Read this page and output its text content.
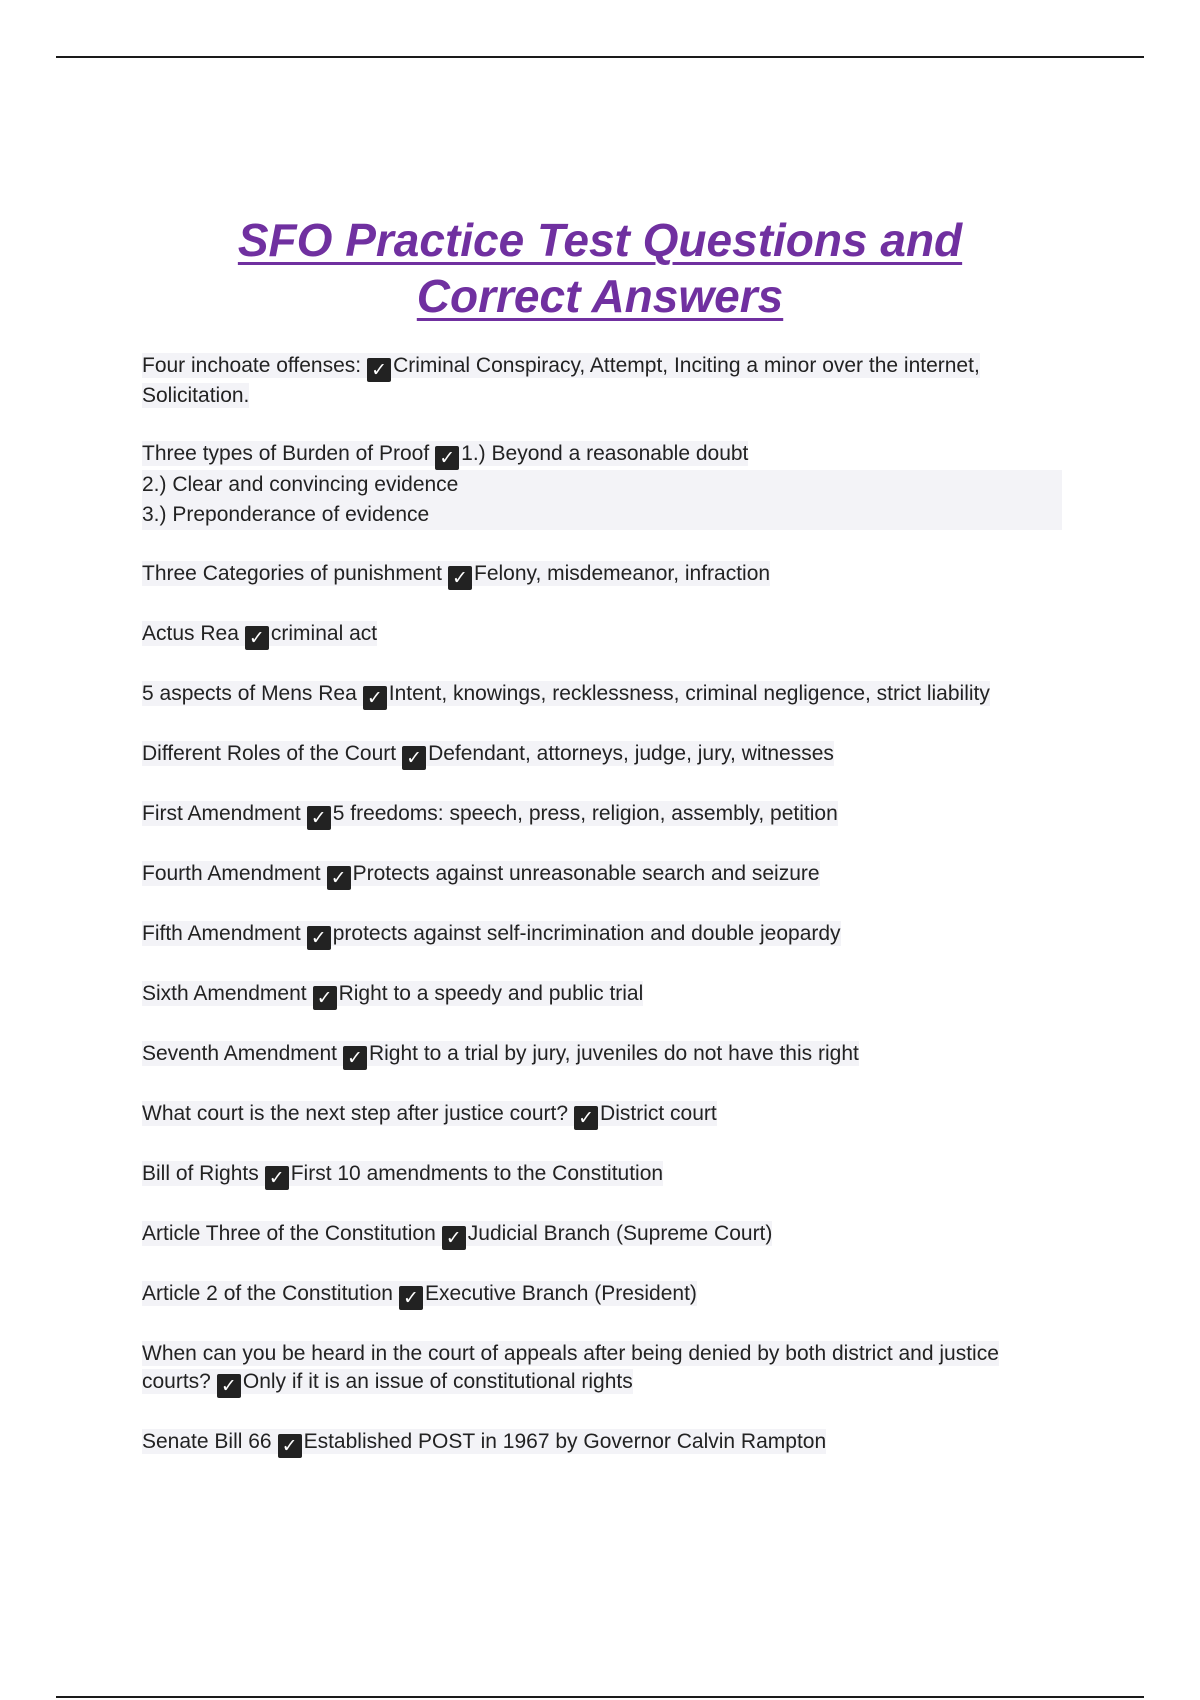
SFO Practice Test Questions and
Correct Answers

Four inchoate offenses: ✓ Criminal Conspiracy, Attempt, Inciting a minor over the internet, Solicitation.

Three types of Burden of Proof ✓ 1.) Beyond a reasonable doubt
2.) Clear and convincing evidence
3.) Preponderance of evidence

Three Categories of punishment ✓ Felony, misdemeanor, infraction

Actus Rea ✓ criminal act

5 aspects of Mens Rea ✓ Intent, knowings, recklessness, criminal negligence, strict liability

Different Roles of the Court ✓ Defendant, attorneys, judge, jury, witnesses

First Amendment ✓ 5 freedoms: speech, press, religion, assembly, petition

Fourth Amendment ✓ Protects against unreasonable search and seizure

Fifth Amendment ✓ protects against self-incrimination and double jeopardy

Sixth Amendment ✓ Right to a speedy and public trial

Seventh Amendment ✓ Right to a trial by jury, juveniles do not have this right

What court is the next step after justice court? ✓ District court

Bill of Rights ✓ First 10 amendments to the Constitution

Article Three of the Constitution ✓ Judicial Branch (Supreme Court)

Article 2 of the Constitution ✓ Executive Branch (President)

When can you be heard in the court of appeals after being denied by both district and justice courts? ✓ Only if it is an issue of constitutional rights

Senate Bill 66 ✓ Established POST in 1967 by Governor Calvin Rampton
